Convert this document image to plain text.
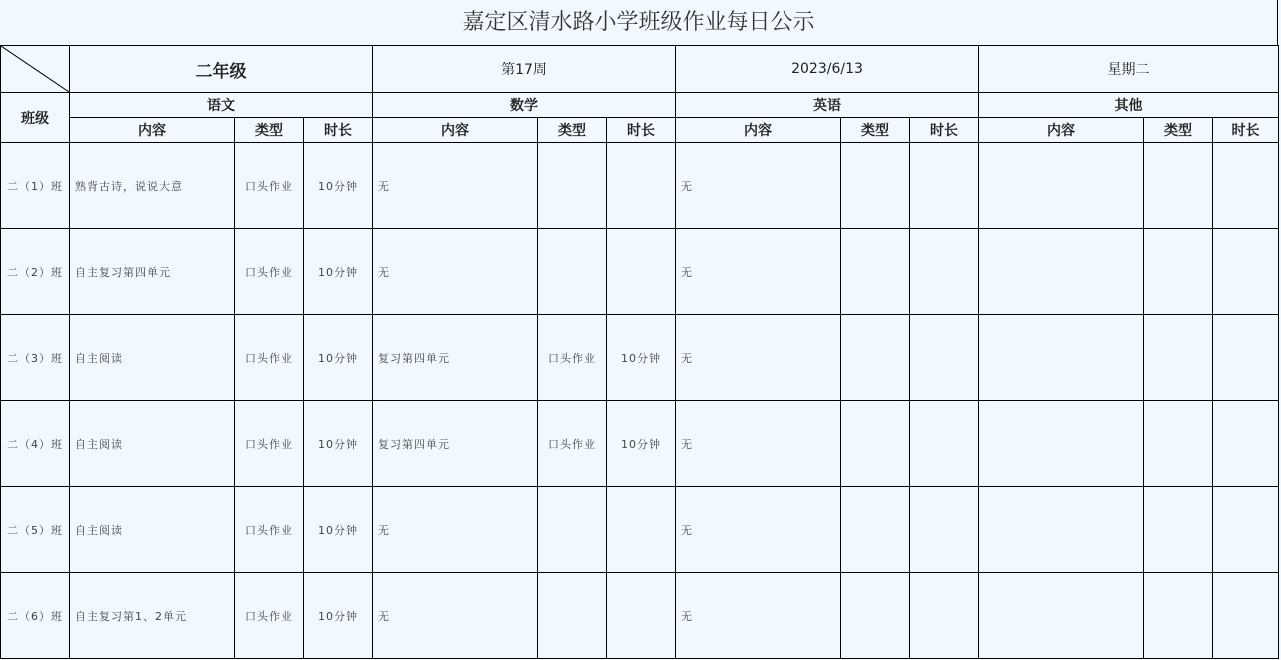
嘉定区清水路小学班级作业每日公示
	二年级			第17周			2023/6/13			星期二		
班级	语文			数学			英语			其他		
	内容	类型	时长	内容	类型	时长	内容	类型	时长	内容	类型	时长
二（1）班	熟背古诗，说说大意	口头作业	10分钟	无			无					
二（2）班	自主复习第四单元	口头作业	10分钟	无			无					
二（3）班	自主阅读	口头作业	10分钟	复习第四单元	口头作业	10分钟	无					
二（4）班	自主阅读	口头作业	10分钟	复习第四单元	口头作业	10分钟	无					
二（5）班	自主阅读	口头作业	10分钟	无			无					
二（6）班	自主复习第1、2单元	口头作业	10分钟	无			无					
